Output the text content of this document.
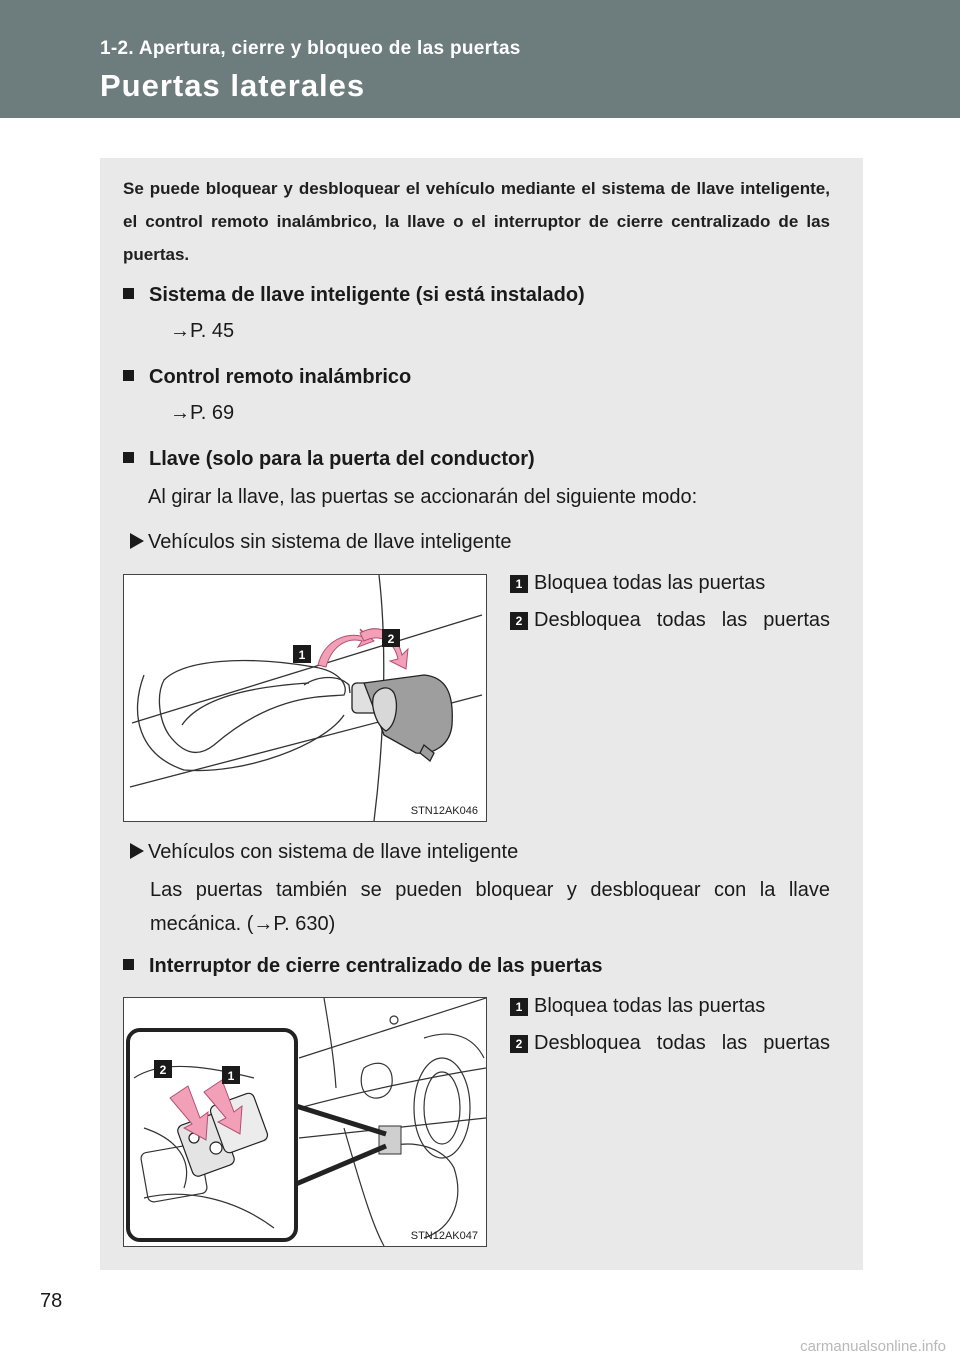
1-2. Apertura, cierre y bloqueo de las puertas
Puertas laterales
Se puede bloquear y desbloquear el vehículo mediante el sistema de llave inteligente, el control remoto inalámbrico, la llave o el interruptor de cierre centralizado de las puertas.
Sistema de llave inteligente (si está instalado)
→P. 45
Control remoto inalámbrico
→P. 69
Llave (solo para la puerta del conductor)
Al girar la llave, las puertas se accionarán del siguiente modo:
Vehículos sin sistema de llave inteligente
1
2
STN12AK046
1 Bloquea todas las puertas
2 Desbloquea todas las puertas
Vehículos con sistema de llave inteligente
Las puertas también se pueden bloquear y desbloquear con la llave mecánica. (→P. 630)
Interruptor de cierre centralizado de las puertas
2	1
STN12AK047
1 Bloquea todas las puertas
2 Desbloquea todas las puertas
78
carmanualsonline.info
